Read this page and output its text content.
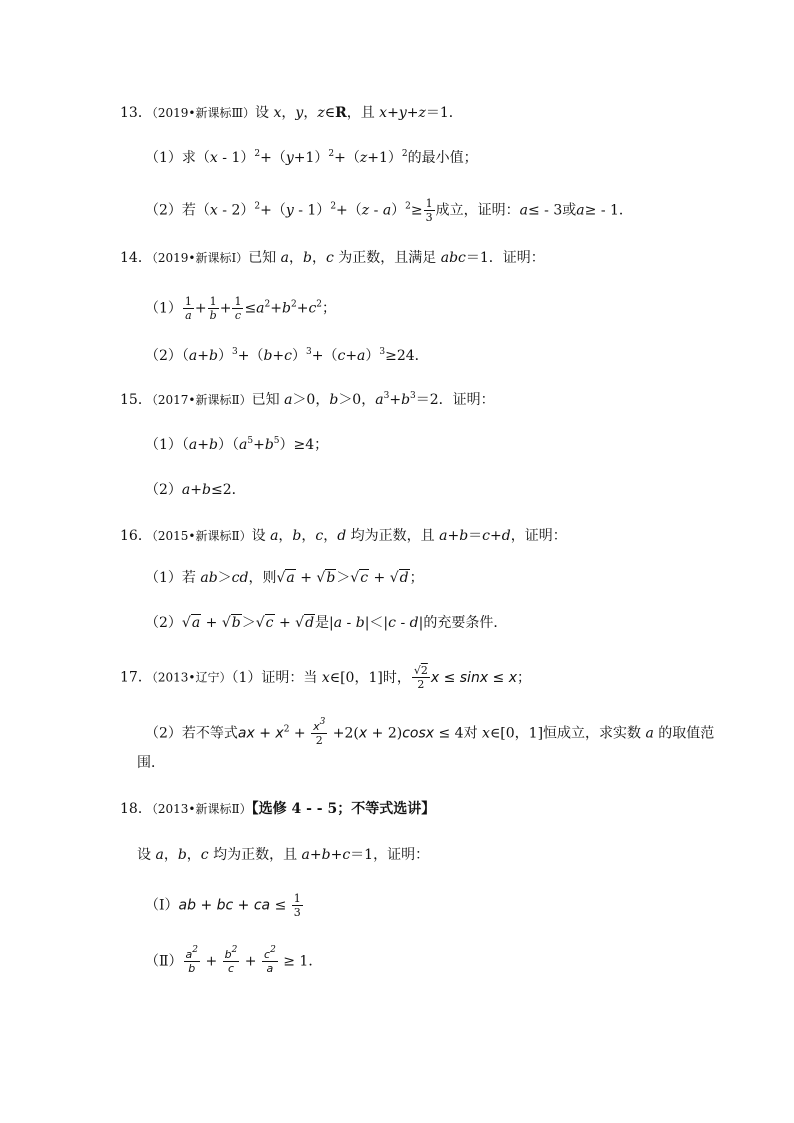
13．（2019•新课标Ⅲ）设 x，y，z∈R，且 x+y+z＝1．
（1）求$(x - 1)^2+(y+1)^2+(z+1)^2$的最小值；
（2）若$(x - 2)^2+(y - 1)^2+(z - a)^2\ge \frac{1}{3}$ 成立，证明：a≤ - 3或a≥ - 1．
14．（2019•新课标Ⅰ）已知 a，b，c 为正数，且满足 abc＝1．证明：
$(1) \frac{1}{a} + \frac{1}{b} + \frac{1}{c} \le a^2+b^2+c^2$；
$(2)(a+b)^3+(b+c)^3+(c+a)^3\ge 24$．
15．（2017•新课标Ⅱ）已知 a＞0，b＞0，$a^3+b^3=2$．证明：
$(1)(a+b)(a^5+b^5)\ge 4$；
（2）a+b≤2．
16．（2015•新课标Ⅱ）设 a，b，c，d 均为正数，且 a+b＝c+d，证明：
（1）若 ab＞cd，则√a + √b＞√c + √d；
（2）√a + √b＞√c + √d是|a - b|＜|c - d|的充要条件．
17．（2013•辽宁）（1）证明：当 x∈[0，1]时， $\frac{√2}{2}$ x ≤ sinx ≤ x；
（2）若不等式ax + $x^2 + \frac{x^3}{2} +2(x + 2)\cos x \le 4$对 x∈[0，1]恒成立，求实数 a 的取值范
围．
18．（2013•新课标Ⅱ）【选修 4 - - 5；不等式选讲】
设 a，b，c 均为正数，且 a+b+c＝1，证明：
（Ⅰ）ab + bc + ca ≤ $\frac{1}{3}$
（Ⅱ） $\frac{a^2}{b} + \frac{b^2}{c} + \frac{c^2}{a} \ge 1$．
